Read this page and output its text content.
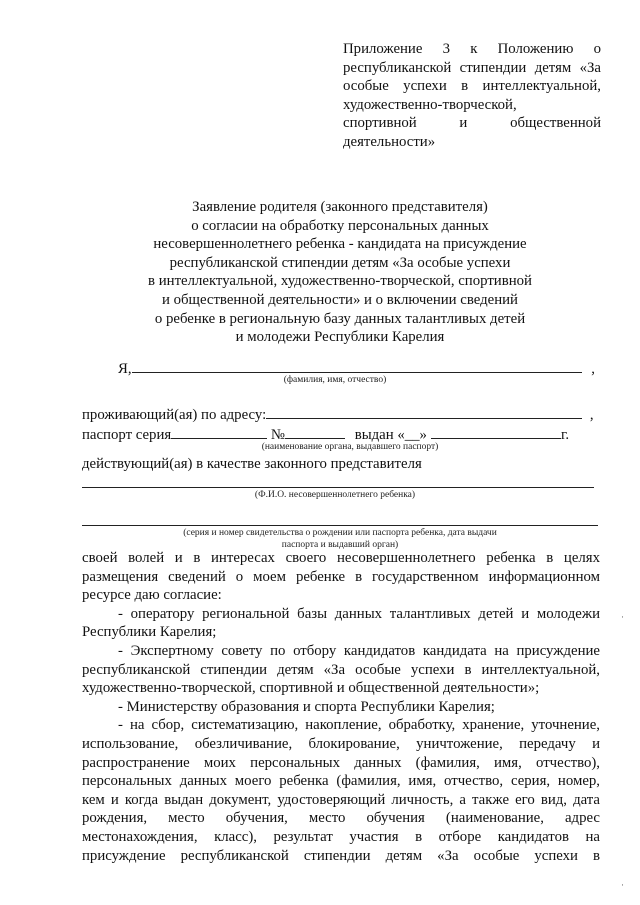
Приложение 3 к Положению о
республиканской стипендии детям «За
особые успехи в интеллектуальной,
художественно-творческой,
спортивной и общественной
деятельности»
Заявление родителя (законного представителя)
о согласии на обработку персональных данных
несовершеннолетнего ребенка - кандидата на присуждение
республиканской стипендии детям «За особые успехи
в интеллектуальной, художественно-творческой, спортивной
и общественной деятельности» и о включении сведений
о ребенке в региональную базу данных талантливых детей
и молодежи Республики Карелия
Я,	,
(фамилия, имя, отчество)
проживающий(ая) по адресу:	,
паспорт серия	№	выдан «__»	г.
(наименование органа, выдавшего паспорт)
действующий(ая) в качестве законного представителя
(Ф.И.О. несовершеннолетнего ребенка)
(серия и номер свидетельства о рождении или паспорта ребенка, дата выдачи
паспорта и выдавший орган)
своей волей и в интересах своего несовершеннолетнего ребенка в целях
размещения сведений о моем ребенке в государственном информационном
ресурсе даю согласие:
- оператору региональной базы данных талантливых детей и молодежи
Республики Карелия;
- Экспертному совету по отбору кандидатов кандидата на присуждение
республиканской стипендии детям «За особые успехи в интеллектуальной,
художественно-творческой, спортивной и общественной деятельности»;
- Министерству образования и спорта Республики Карелия;
- на сбор, систематизацию, накопление, обработку, хранение, уточнение,
использование, обезличивание, блокирование, уничтожение, передачу и
распространение моих персональных данных (фамилия, имя, отчество),
персональных данных моего ребенка (фамилия, имя, отчество, серия, номер,
кем и когда выдан документ, удостоверяющий личность, а также его вид, дата
рождения, место обучения, место обучения (наименование, адрес
местонахождения, класс), результат участия в отборе кандидатов на
присуждение республиканской стипендии детям «За особые успехи в
·
·
